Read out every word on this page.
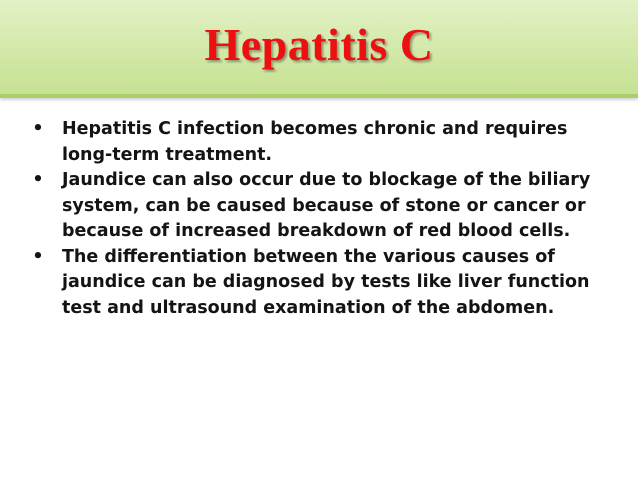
Hepatitis C
• Hepatitis C infection becomes chronic and requires long-term treatment.
• Jaundice can also occur due to blockage of the biliary system, can be caused because of stone or cancer or because of increased breakdown of red blood cells.
• The differentiation between the various causes of jaundice can be diagnosed by tests like liver function test and ultrasound examination of the abdomen.
